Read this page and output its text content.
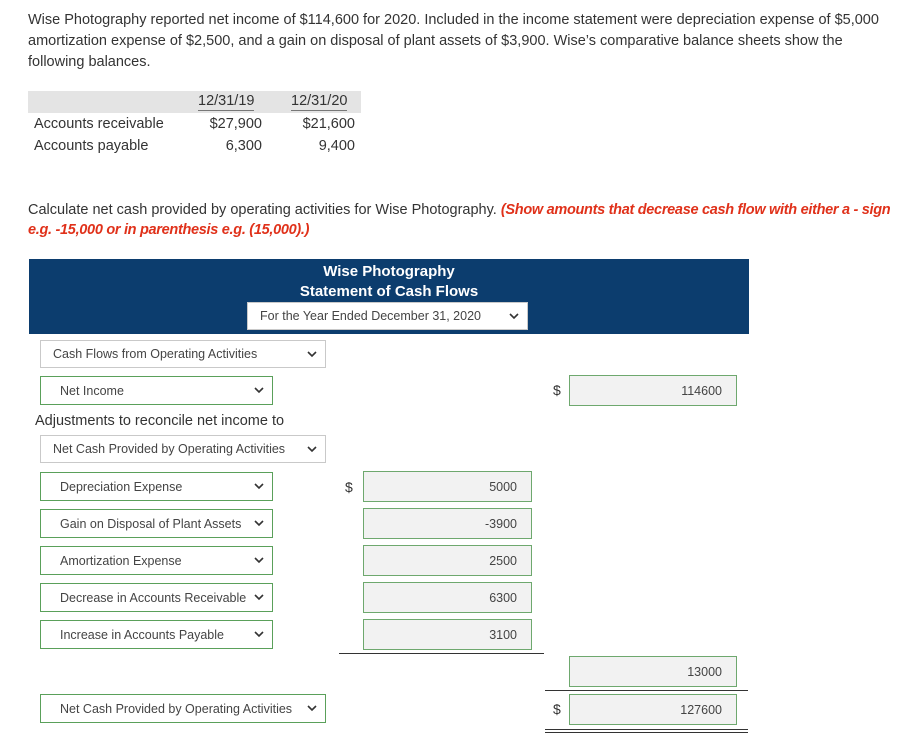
Wise Photography reported net income of $114,600 for 2020. Included in the income statement were depreciation expense of $5,000 amortization expense of $2,500, and a gain on disposal of plant assets of $3,900. Wise’s comparative balance sheets show the following balances.
12/31/19	12/31/20
Accounts receivable	$27,900	$21,600
Accounts payable	6,300	9,400
Calculate net cash provided by operating activities for Wise Photography. (Show amounts that decrease cash flow with either a - sign e.g. -15,000 or in parenthesis e.g. (15,000).)
Wise Photography
Statement of Cash Flows
For the Year Ended December 31, 2020
Cash Flows from Operating Activities
Net Income	$	114600
Adjustments to reconcile net income to
Net Cash Provided by Operating Activities
Depreciation Expense	$	5000
Gain on Disposal of Plant Assets	-3900
Amortization Expense	2500
Decrease in Accounts Receivable	6300
Increase in Accounts Payable	3100
13000
Net Cash Provided by Operating Activities	$	127600
